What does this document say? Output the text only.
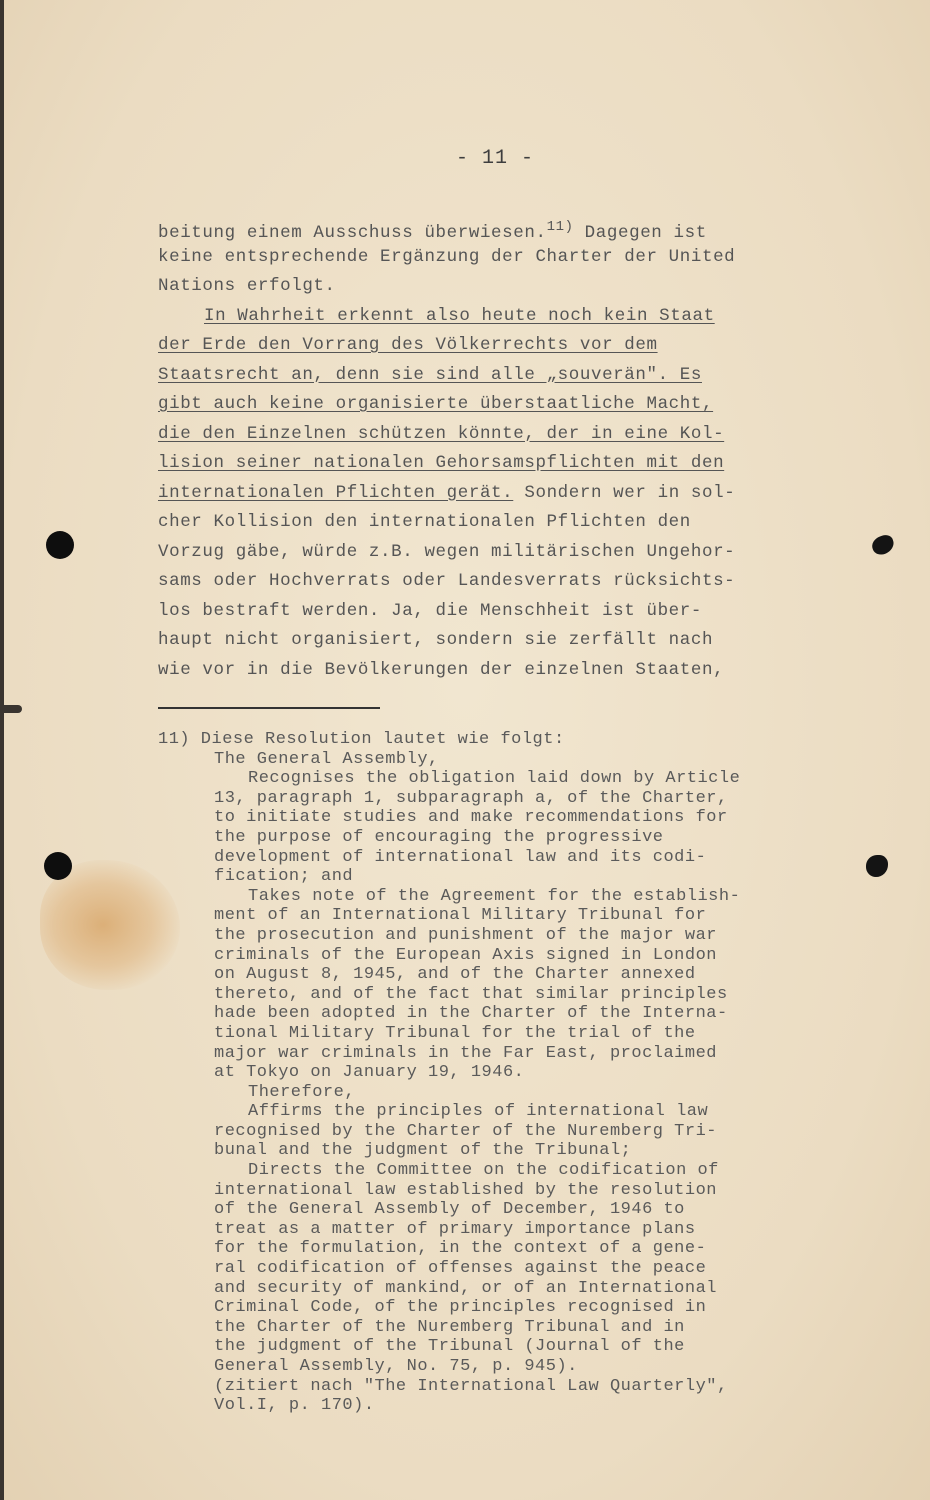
- 11 -
beitung einem Ausschuss überwiesen.$^{11)}$ Dagegen ist
keine entsprechende Ergänzung der Charter der United
Nations erfolgt.
In Wahrheit erkennt also heute noch kein Staat
der Erde den Vorrang des Völkerrechts vor dem
Staatsrecht an, denn sie sind alle „souverän". Es
gibt auch keine organisierte überstaatliche Macht,
die den Einzelnen schützen könnte, der in eine Kol-
lision seiner nationalen Gehorsamspflichten mit den
internationalen Pflichten gerät. Sondern wer in sol-
cher Kollision den internationalen Pflichten den
Vorzug gäbe, würde z.B. wegen militärischen Ungehor-
sams oder Hochverrats oder Landesverrats rücksichts-
los bestraft werden. Ja, die Menschheit ist über-
haupt nicht organisiert, sondern sie zerfällt nach
wie vor in die Bevölkerungen der einzelnen Staaten,
11) Diese Resolution lautet wie folgt:
The General Assembly,
Recognises the obligation laid down by Article
13, paragraph 1, subparagraph a, of the Charter,
to initiate studies and make recommendations for
the purpose of encouraging the progressive
development of international law and its codi-
fication; and
Takes note of the Agreement for the establish-
ment of an International Military Tribunal for
the prosecution and punishment of the major war
criminals of the European Axis signed in London
on August 8, 1945, and of the Charter annexed
thereto, and of the fact that similar principles
hade been adopted in the Charter of the Interna-
tional Military Tribunal for the trial of the
major war criminals in the Far East, proclaimed
at Tokyo on January 19, 1946.
Therefore,
Affirms the principles of international law
recognised by the Charter of the Nuremberg Tri-
bunal and the judgment of the Tribunal;
Directs the Committee on the codification of
international law established by the resolution
of the General Assembly of December, 1946 to
treat as a matter of primary importance plans
for the formulation, in the context of a gene-
ral codification of offenses against the peace
and security of mankind, or of an International
Criminal Code, of the principles recognised in
the Charter of the Nuremberg Tribunal and in
the judgment of the Tribunal (Journal of the
General Assembly, No. 75, p. 945).
(zitiert nach "The International Law Quarterly",
Vol.I, p. 170).
